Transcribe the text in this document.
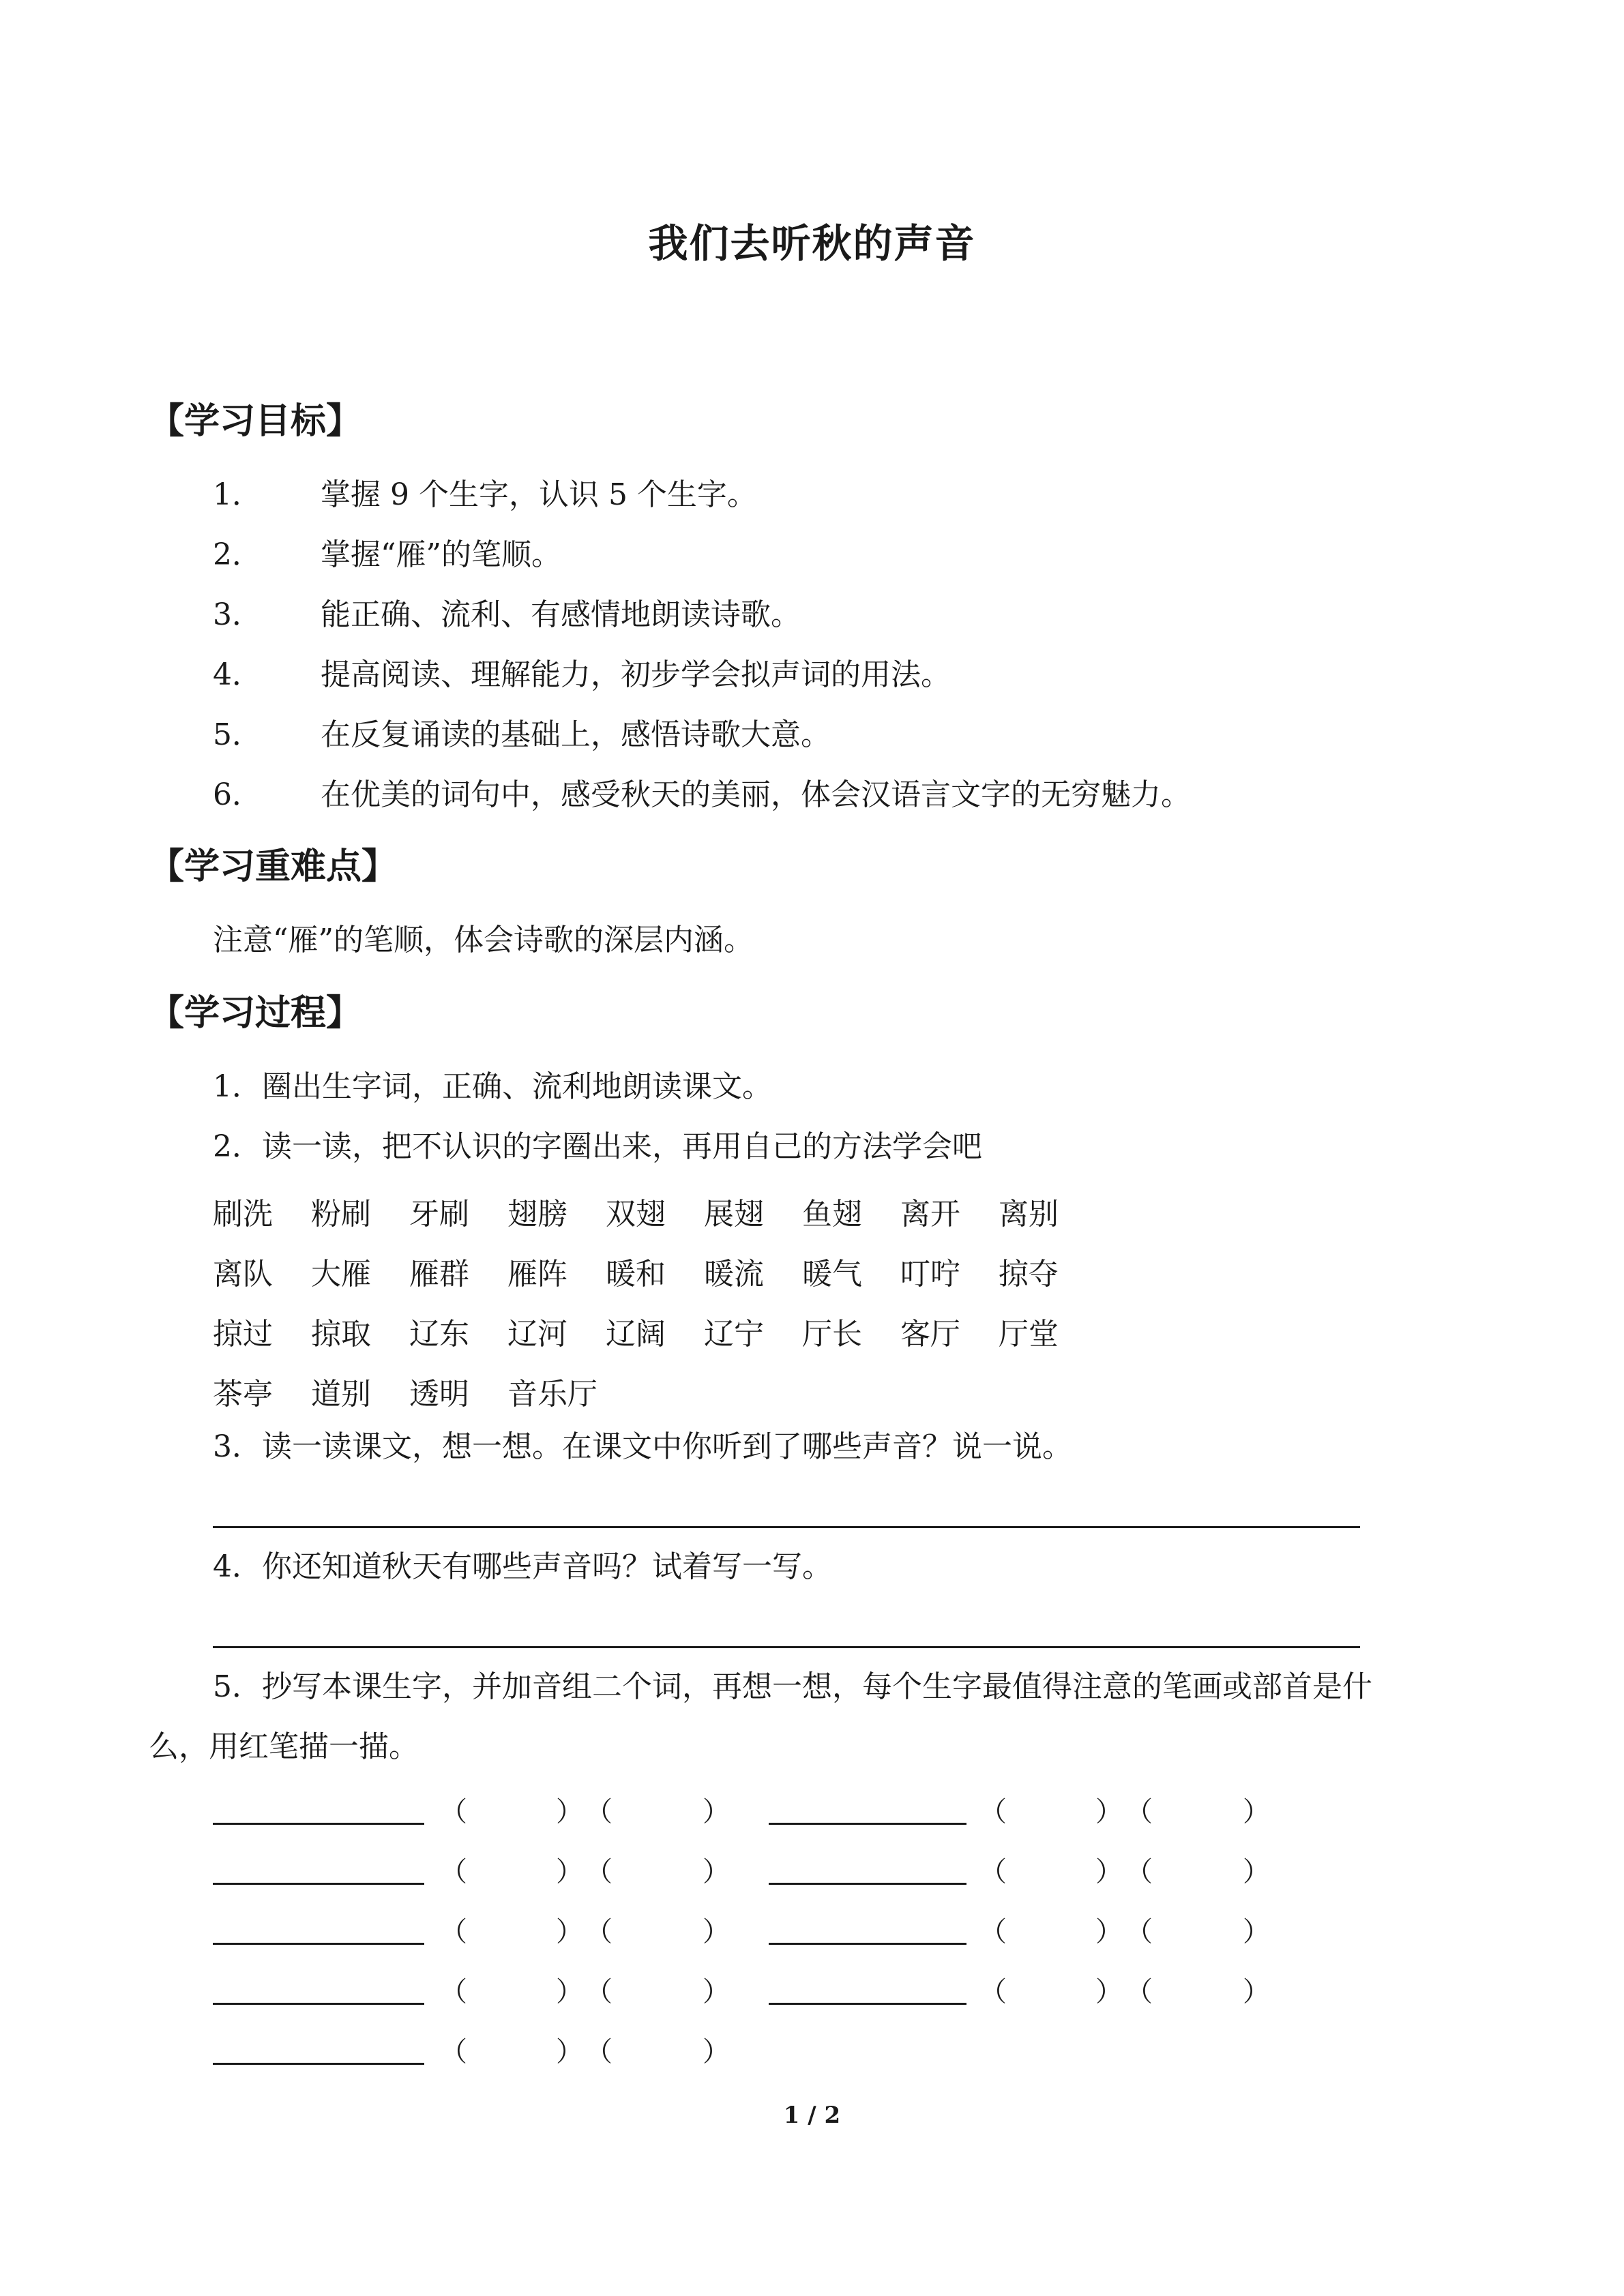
我们去听秋的声音
【学习目标】
1． 掌握 9 个生字，认识 5 个生字。
2． 掌握“雁”的笔顺。
3． 能正确、流利、有感情地朗读诗歌。
4． 提高阅读、理解能力，初步学会拟声词的用法。
5． 在反复诵读的基础上，感悟诗歌大意。
6． 在优美的词句中，感受秋天的美丽，体会汉语言文字的无穷魅力。
【学习重难点】
注意“雁”的笔顺，体会诗歌的深层内涵。
【学习过程】
1．圈出生字词，正确、流利地朗读课文。
2．读一读，把不认识的字圈出来，再用自己的方法学会吧
刷洗	粉刷	牙刷	翅膀	双翅	展翅	鱼翅	离开	离别
离队	大雁	雁群	雁阵	暖和	暖流	暖气	叮咛	掠夺
掠过	掠取	辽东	辽河	辽阔	辽宁	厅长	客厅	厅堂
茶亭	道别	透明	音乐厅
3．读一读课文，想一想。在课文中你听到了哪些声音？说一说。
4．你还知道秋天有哪些声音吗？试着写一写。
5．抄写本课生字，并加音组二个词，再想一想，每个生字最值得注意的笔画或部首是什
么，用红笔描一描。
（	） （	）	（	） （	）
（	） （	）	（	） （	）
（	） （	）	（	） （	）
（	） （	）	（	） （	）
（	） （	）
1 / 2
